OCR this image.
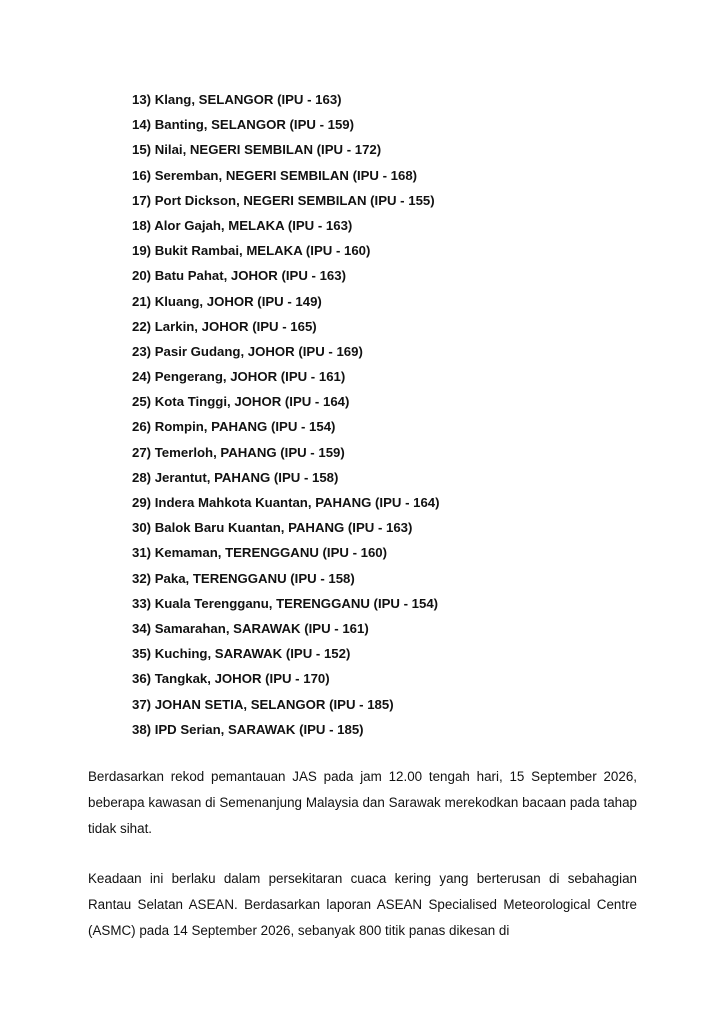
13) Klang, SELANGOR (IPU - 163)
14) Banting, SELANGOR (IPU - 159)
15) Nilai, NEGERI SEMBILAN (IPU - 172)
16) Seremban, NEGERI SEMBILAN (IPU - 168)
17) Port Dickson, NEGERI SEMBILAN (IPU - 155)
18) Alor Gajah, MELAKA (IPU - 163)
19) Bukit Rambai, MELAKA (IPU - 160)
20) Batu Pahat, JOHOR (IPU - 163)
21) Kluang, JOHOR (IPU - 149)
22) Larkin, JOHOR (IPU - 165)
23) Pasir Gudang, JOHOR (IPU - 169)
24) Pengerang, JOHOR (IPU - 161)
25) Kota Tinggi, JOHOR (IPU - 164)
26) Rompin, PAHANG (IPU - 154)
27) Temerloh, PAHANG (IPU - 159)
28) Jerantut, PAHANG (IPU - 158)
29) Indera Mahkota Kuantan, PAHANG (IPU - 164)
30) Balok Baru Kuantan, PAHANG (IPU - 163)
31) Kemaman, TERENGGANU (IPU - 160)
32) Paka, TERENGGANU (IPU - 158)
33) Kuala Terengganu, TERENGGANU (IPU - 154)
34) Samarahan, SARAWAK (IPU - 161)
35) Kuching, SARAWAK (IPU - 152)
36) Tangkak, JOHOR (IPU - 170)
37) JOHAN SETIA, SELANGOR (IPU - 185)
38) IPD Serian, SARAWAK (IPU - 185)

Berdasarkan rekod pemantauan JAS pada jam 12.00 tengah hari, 15 September 2026, beberapa kawasan di Semenanjung Malaysia dan Sarawak merekodkan bacaan pada tahap tidak sihat.

Keadaan ini berlaku dalam persekitaran cuaca kering yang berterusan di sebahagian Rantau Selatan ASEAN. Berdasarkan laporan ASEAN Specialised Meteorological Centre (ASMC) pada 14 September 2026, sebanyak 800 titik panas dikesan di
